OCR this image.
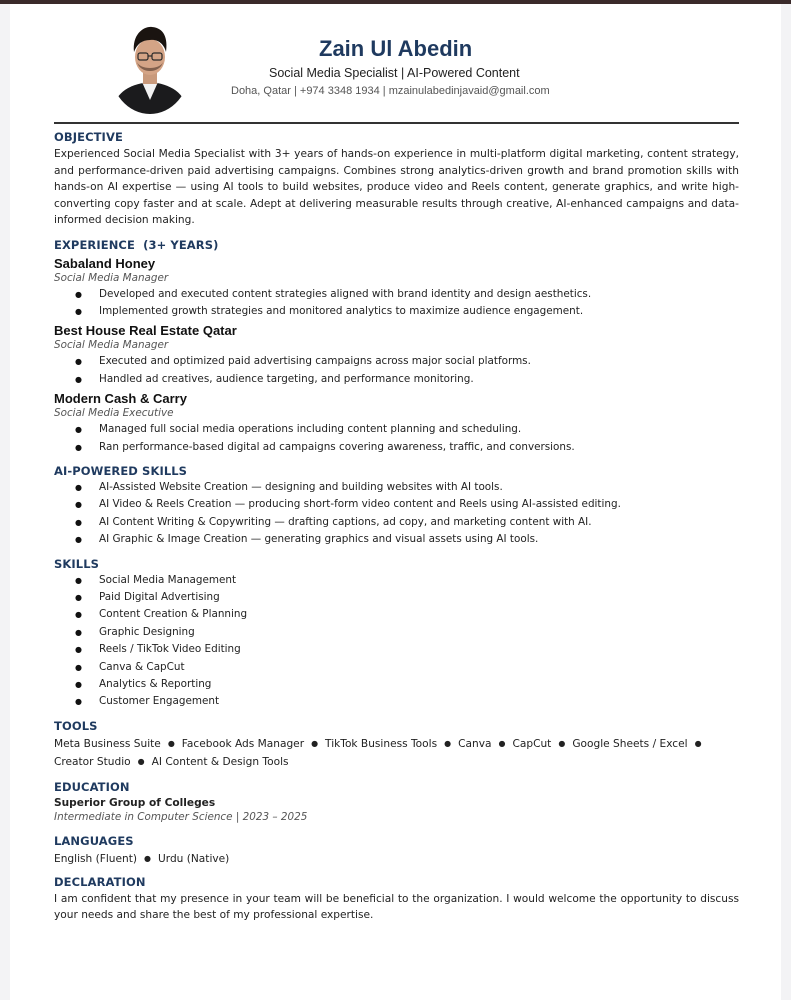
Zain Ul Abedin
Social Media Specialist | AI-Powered Content
Doha, Qatar | +974 3348 1934 | mzainulabedinjavaid@gmail.com
OBJECTIVE

Experienced Social Media Specialist with 3+ years of hands-on experience in multi-platform digital marketing, content strategy, and performance-driven paid advertising campaigns. Combines strong analytics-driven growth and brand promotion skills with hands-on AI expertise — using AI tools to build websites, produce video and Reels content, generate graphics, and write high-converting copy faster and at scale. Adept at delivering measurable results through creative, AI-enhanced campaigns and data-informed decision making.

EXPERIENCE  (3+ YEARS)
Sabaland Honey

Social Media Manager

● Developed and executed content strategies aligned with brand identity and design aesthetics.
● Implemented growth strategies and monitored analytics to maximize audience engagement.
Best House Real Estate Qatar

Social Media Manager

● Executed and optimized paid advertising campaigns across major social platforms.
● Handled ad creatives, audience targeting, and performance monitoring.
Modern Cash & Carry

Social Media Executive

● Managed full social media operations including content planning and scheduling.
● Ran performance-based digital ad campaigns covering awareness, traffic, and conversions.
AI-POWERED SKILLS
● AI-Assisted Website Creation — designing and building websites with AI tools.
● AI Video & Reels Creation — producing short-form video content and Reels using AI-assisted editing.
● AI Content Writing & Copywriting — drafting captions, ad copy, and marketing content with AI.
● AI Graphic & Image Creation — generating graphics and visual assets using AI tools.
SKILLS
● Social Media Management
● Paid Digital Advertising
● Content Creation & Planning
● Graphic Designing
● Reels / TikTok Video Editing
● Canva & CapCut
● Analytics & Reporting
● Customer Engagement
TOOLS

Meta Business Suite ● Facebook Ads Manager ● TikTok Business Tools ● Canva ● CapCut ● Google Sheets / Excel ●
Creator Studio ● AI Content & Design Tools

EDUCATION

Superior Group of Colleges

Intermediate in Computer Science | 2023 – 2025

LANGUAGES

English (Fluent) ● Urdu (Native)

DECLARATION

I am confident that my presence in your team will be beneficial to the organization. I would welcome the opportunity to discuss your needs and share the best of my professional expertise.
